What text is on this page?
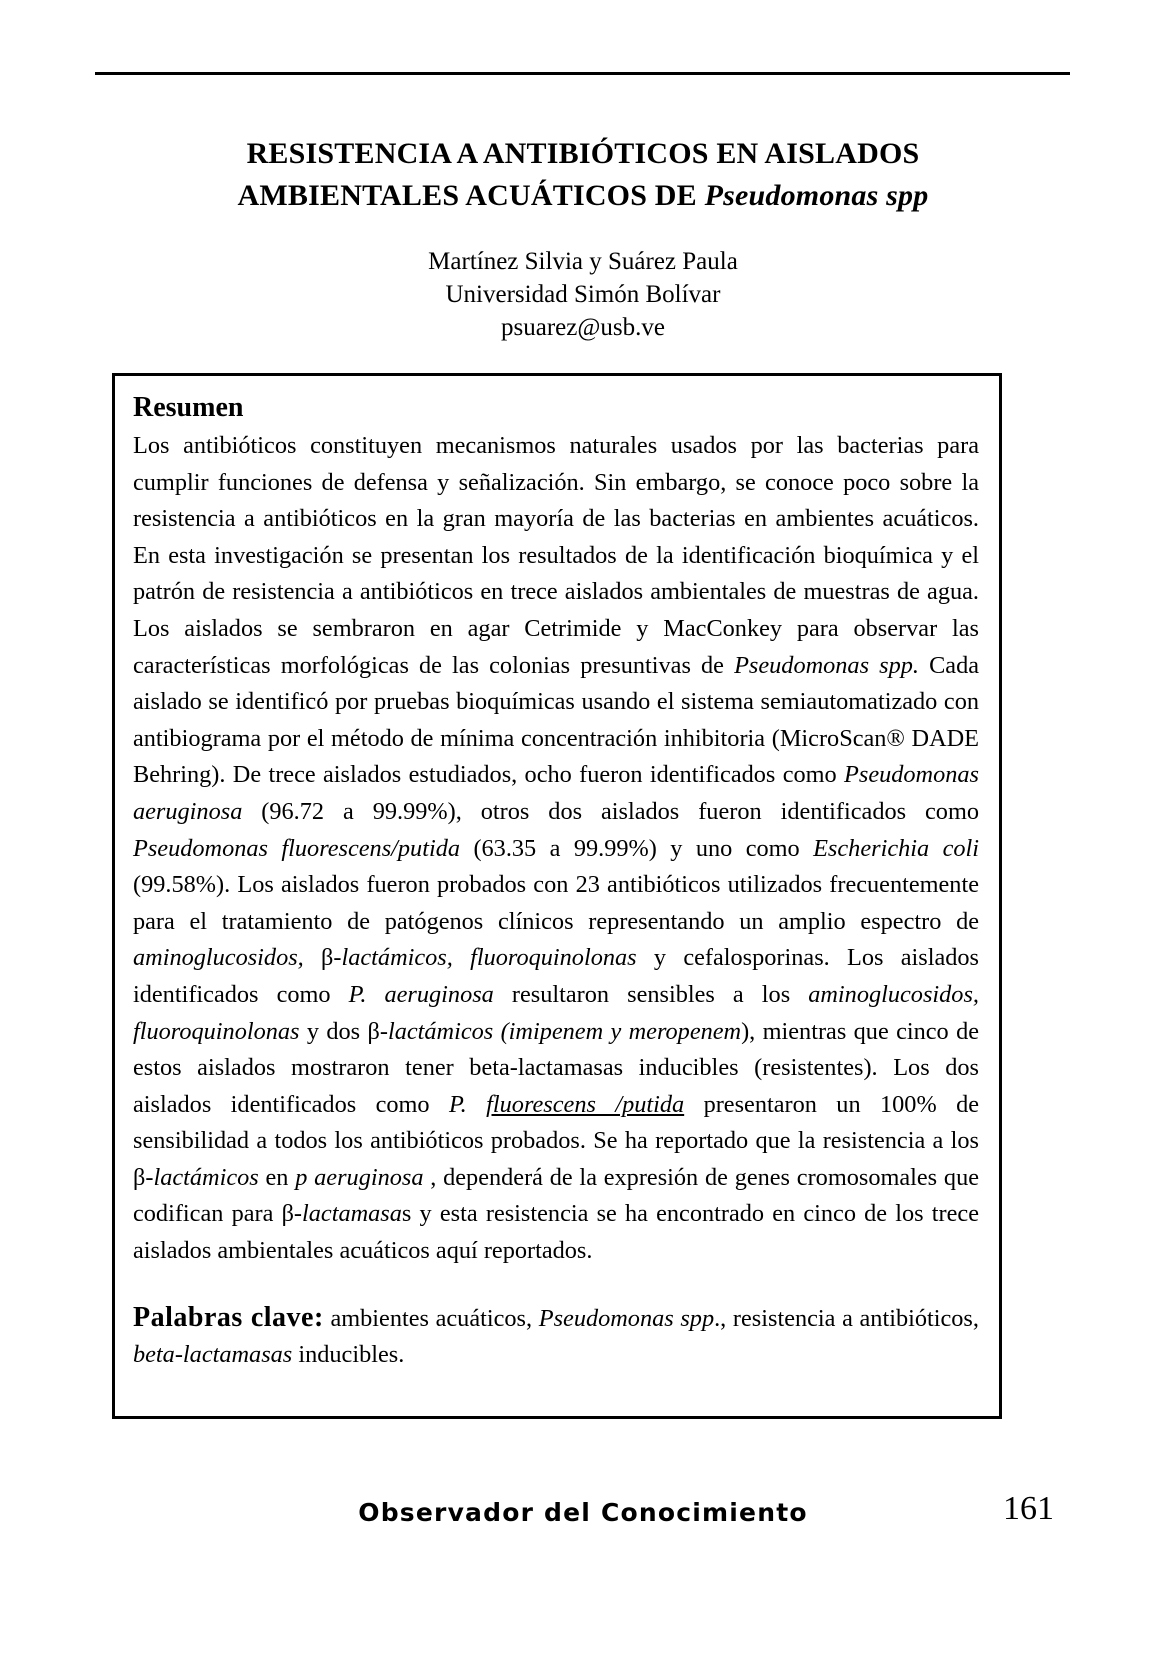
RESISTENCIA A ANTIBIÓTICOS EN AISLADOS
AMBIENTALES ACUÁTICOS DE Pseudomonas spp
Martínez Silvia y Suárez Paula
Universidad Simón Bolívar
psuarez@usb.ve
Resumen

Los antibióticos constituyen mecanismos naturales usados por las bacterias para cumplir funciones de defensa y señalización. Sin embargo, se conoce poco sobre la resistencia a antibióticos en la gran mayoría de las bacterias en ambientes acuáticos. En esta investigación se presentan los resultados de la identificación bioquímica y el patrón de resistencia a antibióticos en trece aislados ambientales de muestras de agua. Los aislados se sembraron en agar Cetrimide y MacConkey para observar las características morfológicas de las colonias presuntivas de Pseudomonas spp. Cada aislado se identificó por pruebas bioquímicas usando el sistema semiautomatizado con antibiograma por el método de mínima concentración inhibitoria (MicroScan® DADE Behring). De trece aislados estudiados, ocho fueron identificados como Pseudomonas aeruginosa (96.72 a 99.99%), otros dos aislados fueron identificados como Pseudomonas fluorescens/putida (63.35 a 99.99%) y uno como Escherichia coli (99.58%). Los aislados fueron probados con 23 antibióticos utilizados frecuentemente para el tratamiento de patógenos clínicos representando un amplio espectro de aminoglucosidos, β-lactámicos, fluoroquinolonas y cefalosporinas. Los aislados identificados como P. aeruginosa resultaron sensibles a los aminoglucosidos, fluoroquinolonas y dos β-lactámicos (imipenem y meropenem), mientras que cinco de estos aislados mostraron tener beta-lactamasas inducibles (resistentes). Los dos aislados identificados como P. fluorescens /putida presentaron un 100% de sensibilidad a todos los antibióticos probados. Se ha reportado que la resistencia a los β-lactámicos en p aeruginosa , dependerá de la expresión de genes cromosomales que codifican para β-lactamasas y esta resistencia se ha encontrado en cinco de los trece aislados ambientales acuáticos aquí reportados.

Palabras clave: ambientes acuáticos, Pseudomonas spp., resistencia a antibióticos, beta-lactamasas inducibles.

Observador del Conocimiento	161
